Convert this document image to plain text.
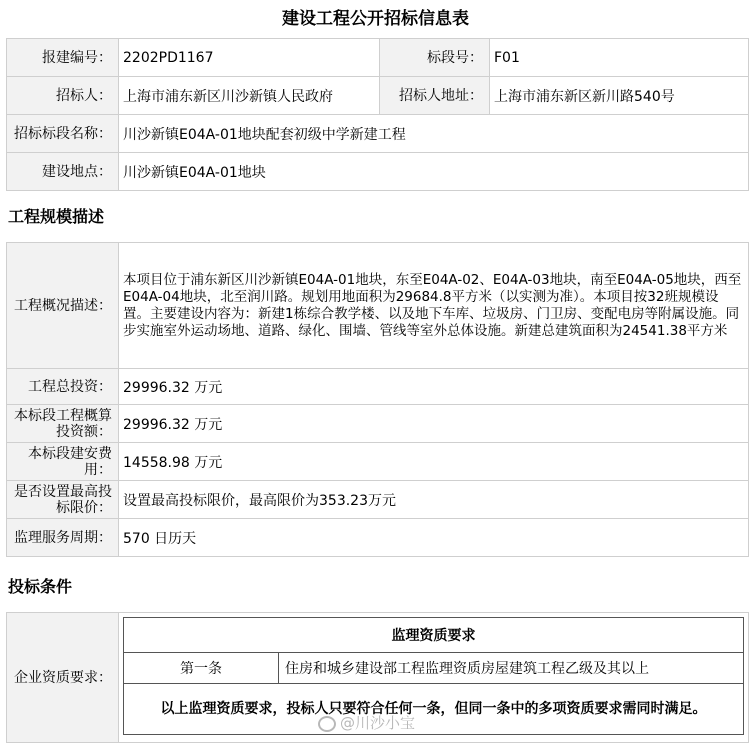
建设工程公开招标信息表
报建编号：	2202PD1167	标段号：	F01
招标人：	上海市浦东新区川沙新镇人民政府	招标人地址：	上海市浦东新区新川路540号
招标标段名称：	川沙新镇E04A-01地块配套初级中学新建工程		
建设地点：	川沙新镇E04A-01地块		
工程规模描述
工程概况描述：	本项目位于浦东新区川沙新镇E04A-01地块，东至E04A-02、E04A-03地块，南至E04A-05地块，西至E04A-04地块，北至润川路。规划用地面积为29684.8平方米（以实测为准）。本项目按32班规模设置。主要建设内容为：新建1栋综合教学楼、以及地下车库、垃圾房、门卫房、变配电房等附属设施。同步实施室外运动场地、道路、绿化、围墙、管线等室外总体设施。新建总建筑面积为24541.38平方米
工程总投资：	29996.32 万元
本标段工程概算投资额：	29996.32 万元
本标段建安费用：	14558.98 万元
是否设置最高投标限价：	设置最高投标限价，最高限价为353.23万元
监理服务周期：	570 日历天
投标条件
企业资质要求：	
监理资质要求
第一条	住房和城乡建设部工程监理资质房屋建筑工程乙级及其以上
以上监理资质要求，投标人只要符合任何一条，但同一条中的多项资质要求需同时满足。
@川沙小宝
